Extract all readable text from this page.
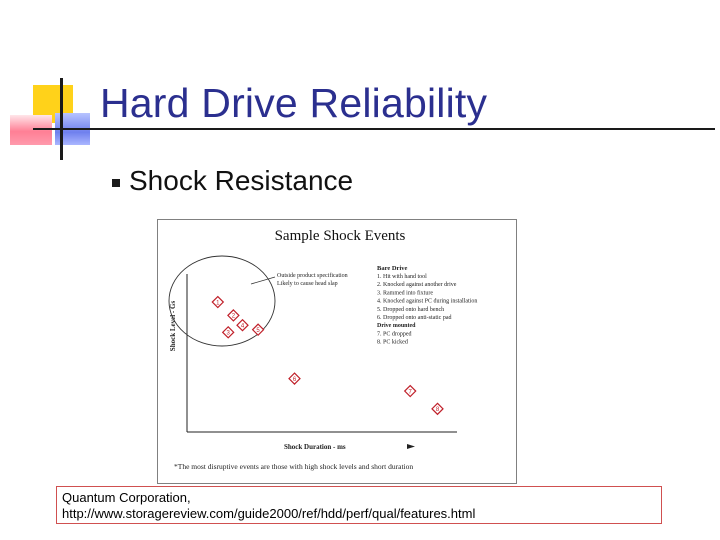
Hard Drive Reliability
Shock Resistance
Sample Shock Events
Shock Level - Gs
Shock Duration - ms
Outside product specification
Likely to cause head slap
Bare Drive
1. Hit with hand tool
2. Knocked against another drive
3. Rammed into fixture
4. Knocked against PC during installation
5. Dropped onto hard bench
6. Dropped onto anti-static pad
Drive mounted
7. PC dropped
8. PC kicked
1
2
3
4
5
6
7
8
*The most disruptive events are those with high shock levels and short duration
Quantum Corporation,
http://www.storagereview.com/guide2000/ref/hdd/perf/qual/features.html
